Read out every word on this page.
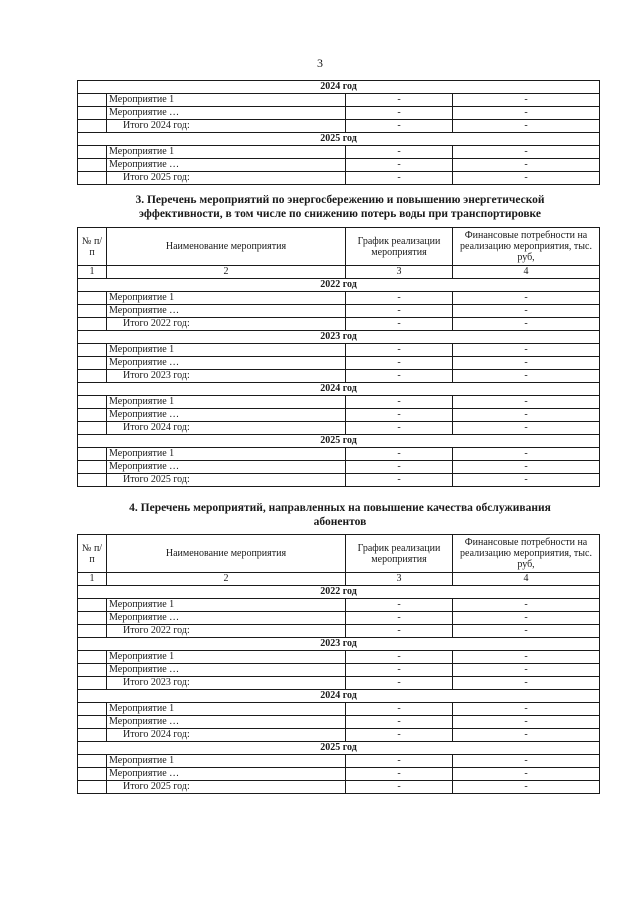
3
2024 год			
	Мероприятие 1	-	-
	Мероприятие …	-	-
	Итого 2024 год:	-	-
2025 год			
	Мероприятие 1	-	-
	Мероприятие …	-	-
	Итого 2025 год:	-	-
3. Перечень мероприятий по энергосбережению и повышению энергетической
эффективности, в том числе по снижению потерь воды при транспортировке
№ п/п	Наименование мероприятия	График реализации мероприятия	Финансовые потребности на реализацию мероприятия, тыс. руб,
1	2	3	4
2022 год			
	Мероприятие 1	-	-
	Мероприятие …	-	-
	Итого 2022 год:	-	-
2023 год			
	Мероприятие 1	-	-
	Мероприятие …	-	-
	Итого 2023 год:	-	-
2024 год			
	Мероприятие 1	-	-
	Мероприятие …	-	-
	Итого 2024 год:	-	-
2025 год			
	Мероприятие 1	-	-
	Мероприятие …	-	-
	Итого 2025 год:	-	-
4. Перечень мероприятий, направленных на повышение качества обслуживания
абонентов
№ п/п	Наименование мероприятия	График реализации мероприятия	Финансовые потребности на реализацию мероприятия, тыс. руб,
1	2	3	4
2022 год			
	Мероприятие 1	-	-
	Мероприятие …	-	-
	Итого 2022 год:	-	-
2023 год			
	Мероприятие 1	-	-
	Мероприятие …	-	-
	Итого 2023 год:	-	-
2024 год			
	Мероприятие 1	-	-
	Мероприятие …	-	-
	Итого 2024 год:	-	-
2025 год			
	Мероприятие 1	-	-
	Мероприятие …	-	-
	Итого 2025 год:	-	-
